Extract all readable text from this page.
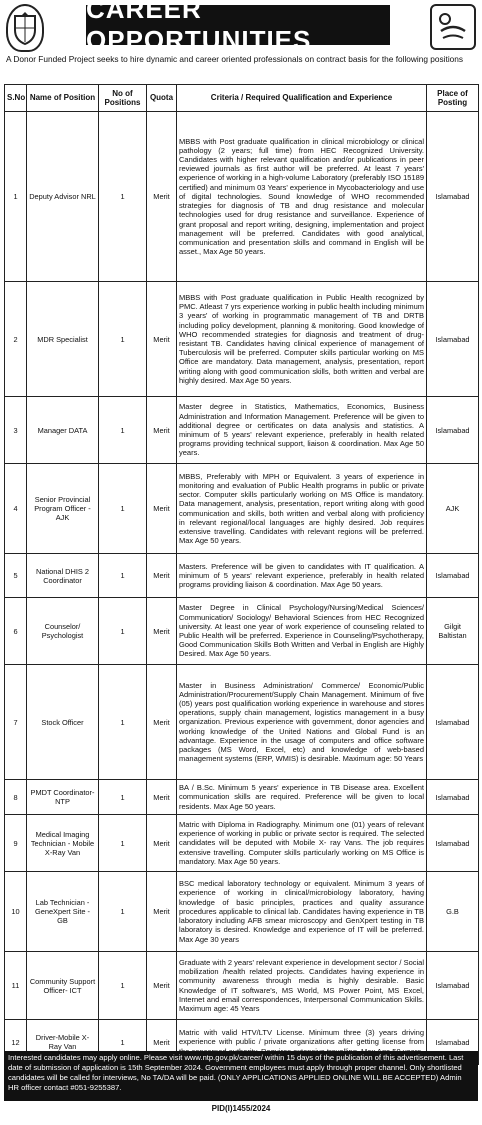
CAREER OPPORTUNITIES
A Donor Funded Project seeks to hire dynamic and career oriented professionals on contract basis for the following positions
S.No	Name of Position	No of Positions	Quota	Criteria / Required Qualification and Experience	Place of Posting
1	Deputy Advisor NRL	1	Merit	MBBS with Post graduate qualification in clinical microbiology or clinical pathology (2 years; full time) from HEC Recognized University. Candidates with higher relevant qualification and/or publications in peer reviewed journals as first author will be preferred. At least 7 years' experience of working in a high-volume Laboratory (preferably ISO 15189 certified) and minimum 03 Years' experience in Mycobacteriology and use of digital technologies. Sound knowledge of WHO recommended strategies for diagnosis of TB and drug resistance and molecular technologies used for drug resistance and surveillance. Experience of grant proposal and report writing, designing, implementation and project management will be preferred. Candidates with good analytical, communication and presentation skills and command in English will be asset., Max Age 50 years.	Islamabad
2	MDR Specialist	1	Merit	MBBS with Post graduate qualification in Public Health recognized by PMC. Atleast 7 yrs experience working in public health including minimum 3 years' of working in programmatic management of TB and DRTB including policy development, planning & monitoring. Good knowledge of WHO recommended strategies for diagnosis and treatment of drug-resistant TB. Candidates having clinical experience of management of Tuberculosis will be preferred. Computer skills particular working on MS Office are mandatory. Data management, analysis, presentation, report writing along with good communication skills, both written and verbal are highly desired. Max Age 50 years.	Islamabad
3	Manager DATA	1	Merit	Master degree in Statistics, Mathematics, Economics, Business Administration and Information Management. Preference will be given to additional degree or certificates on data analysis and statistics. A minimum of 5 years' relevant experience, preferably in health related programs providing technical support, liaison & coordination. Max Age 50 years.	Islamabad
4	Senior Provincial Program Officer - AJK	1	Merit	MBBS, Preferably with MPH or Equivalent. 3 years of experience in monitoring and evaluation of Public Health programs in public or private sector. Computer skills particularly working on MS Office is mandatory. Data management, analysis, presentation, report writing along with good communication and skills, both written and verbal along with proficiency in relevant regional/local languages are highly desired. Job requires extensive travelling. Candidates with relevant regions will be preferred. Max Age 50 years.	AJK
5	National DHIS 2 Coordinator	1	Merit	Masters. Preference will be given to candidates with IT qualification. A minimum of 5 years' relevant experience, preferably in health related programs providing liaison & coordination. Max Age 50 years.	Islamabad
6	Counselor/ Psychologist	1	Merit	Master Degree in Clinical Psychology/Nursing/Medical Sciences/ Communication/ Sociology/ Behavioral Sciences from HEC Recognized university. At least one year of work experience of counseling related to Public Health will be preferred. Experience in Counseling/Psychotherapy, Good Communication Skills Both Written and Verbal in English are Highly Desired. Max Age 50 years.	Gilgit Baltistan
7	Stock Officer	1	Merit	Master in Business Administration/ Commerce/ Economic/Public Administration/Procurement/Supply Chain Management. Minimum of five (05) years post qualification working experience in warehouse and stores operations, supply chain management, logistics management in a busy organization. Previous experience with government, donor agencies and working knowledge of the United Nations and Global Fund is an advantage. Experience in the usage of computers and office software packages (MS Word, Excel, etc) and knowledge of web-based management systems (ERP, WMIS) is desirable. Maximum age: 50 Years	Islamabad
8	PMDT Coordinator- NTP	1	Merit	BA / B.Sc. Minimum 5 years' experience in TB Disease area. Excellent communication skills are required. Preference will be given to local residents. Max Age 50 years.	Islamabad
9	Medical Imaging Technician - Mobile X-Ray Van	1	Merit	Matric with Diploma in Radiography. Minimum one (01) years of relevant experience of working in public or private sector is required. The selected candidates will be deputed with Mobile X- ray Vans. The job requires extensive travelling. Computer skills particularly working on MS Office is mandatory. Max Age 50 years.	Islamabad
10	Lab Technician - GeneXpert Site - GB	1	Merit	BSC medical laboratory technology or equivalent. Minimum 3 years of experience of working in clinical/microbiology laboratory, having knowledge of basic principles, practices and quality assurance procedures applicable to clinical lab. Candidates having experience in TB laboratory including AFB smear microscopy and GenXpert testing in TB laboratory is desired. Knowledge and experience of IT will be preferred. Max Age 30 years	G.B
11	Community Support Officer- ICT	1	Merit	Graduate with 2 years' relevant experience in development sector / Social mobilization /health related projects. Candidates having experience in community awareness through media is highly desirable. Basic Knowledge of IT software's, MS World, MS Power Point, MS Excel, Internet and email correspondences, Interpersonal Communication Skills. Maximum age: 45 Years	Islamabad
12	Driver-Mobile X- Ray Van	1	Merit	Matric with valid HTV/LTV License. Minimum three (3) years driving experience with public / private organizations after getting license from	Islamabad
Interested candidates may apply online. Please visit www.ntp.gov.pk/career/ within 15 days of the publication of this advertisement. Last date of submission of application is 15th September 2024. Government employees must apply through proper channel. Only shortlisted candidates will be called for interviews, No TA/DA will be paid. (ONLY APPLICATIONS APPLIED ONLINE WILL BE ACCEPTED) Admin HR officer contact #051-9255387.
PID(I)1455/2024
